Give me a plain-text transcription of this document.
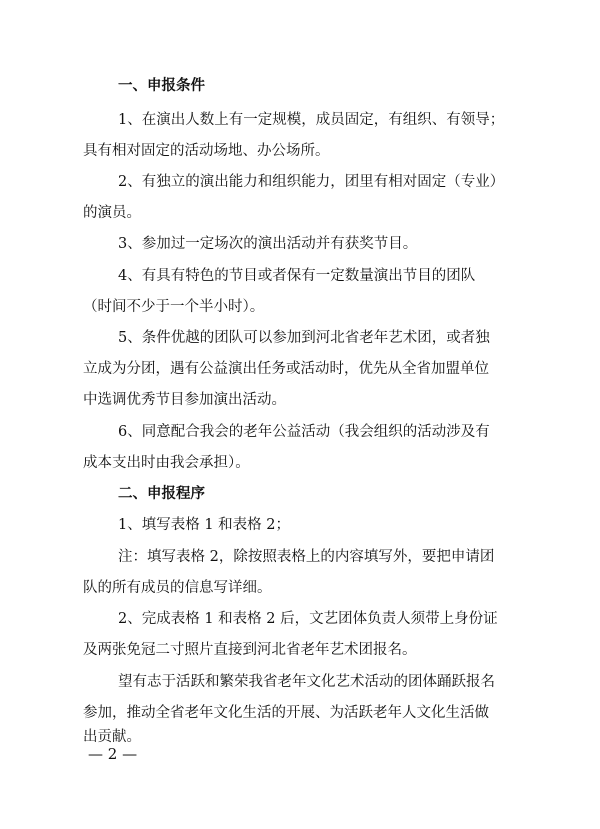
一、申报条件

1、在演出人数上有一定规模，成员固定，有组织、有领导；

具有相对固定的活动场地、办公场所。

2、有独立的演出能力和组织能力，团里有相对固定（专业）

的演员。

3、参加过一定场次的演出活动并有获奖节目。

4、有具有特色的节目或者保有一定数量演出节目的团队

（时间不少于一个半小时）。

5、条件优越的团队可以参加到河北省老年艺术团，或者独

立成为分团，遇有公益演出任务或活动时，优先从全省加盟单位

中选调优秀节目参加演出活动。

6、同意配合我会的老年公益活动（我会组织的活动涉及有

成本支出时由我会承担）。

二、申报程序

1、填写表格 1 和表格 2；

注：填写表格 2，除按照表格上的内容填写外，要把申请团

队的所有成员的信息写详细。

2、完成表格 1 和表格 2 后，文艺团体负责人须带上身份证

及两张免冠二寸照片直接到河北省老年艺术团报名。

望有志于活跃和繁荣我省老年文化艺术活动的团体踊跃报名

参加，推动全省老年文化生活的开展、为活跃老年人文化生活做

出贡献。

— 2 —
